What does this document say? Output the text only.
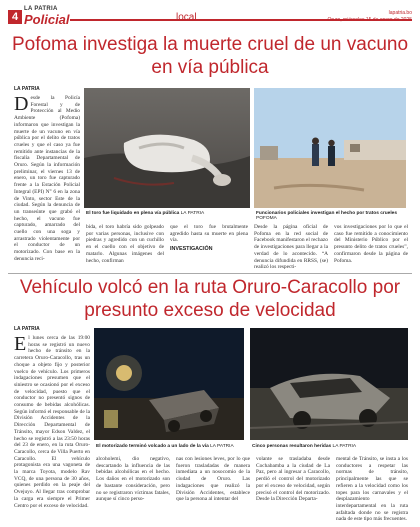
4
LA PATRIA
Policial	local	lapatria.bo
Oruro, miércoles 15 de enero de 2025
Pofoma investiga la muerte cruel de un vacuno en vía pública
LA PATRIA
D esde la Policía Forestal y de Protección al Medio Ambiente (Pofoma) informaron que investigan la muerte de un vacuno en vía pública por el delito de tratos crueles y que el caso ya fue remitido ante instancias de la fiscalía Departamental de Oruro. Según la información preliminar, el viernes 13 de enero, un toro fue capturado frente a la Estación Policial Integral (EPI) N° 6 en la zona de Vinto, sector Este de la ciudad. Según la denuncia de un transeúnte que grabó el hecho, el vacuno fue capturado, amarrado del cuello con una soga y arrastrado violentamente por el conductor de un motorizado. Con base en la denuncia reci-
El toro fue liquidado en plena vía pública LA PATRIA	Funcionarios policiales investigan el hecho por tratos crueles POFOMA
bida, el toro habría sido golpeado por varias personas, inclusive con piedras y agredido con un cuchillo en el cuello con el objetivo de matarlo. Algunas imágenes del hecho, confirman
que el toro fue brutalmente agredido hasta su muerte en plena vía.
INVESTIGACIÓN
Desde la página oficial de Pofoma en la red social de Facebook manifestaron el rechazo de investigaciones para llegar a la verdad de lo acontecido. “A denuncia difundida en RRSS, (se) realizó los respecti-
vos investigaciones por lo que el caso fue remitido a conocimiento del Ministerio Público por el presunto delito de tratos crueles”, confirmaron desde la página de Pofoma.
Vehículo volcó en la ruta Oruro-Caracollo por presunto exceso de velocidad
LA PATRIA
E l lunes cerca de las 19:00 horas se registró un nuevo hecho de tránsito en la carretera Oruro-Caracollo, tras un choque a objeto fijo y posterior vuelco de vehículo. Los primeros indagaciones presumen que el siniestro se ocasionó por el exceso de velocidad, puesto que el conductor no presentó signos de consumo de bebidas alcohólicas. Según informó el responsable de la División Accidentes de la Dirección Departamental de Tránsito, mayor Edson Valdez, el hecho se registró a las 23:50 horas del 23 de enero, en la ruta Oruro-Caracollo, cerca de Villa Puerto en Caracollo. El vehículo protagonista era una vagoneta de la marca Toyota, modelo Rav VCQ, de una persona de 30 años, quienes perdido en la peaje del Ovejuyo. Al llegar tras comprobar la carga era siempre el Primer Centro por el exceso de velocidad.
El motorizado terminó volcado a un lado de la vía LA PATRIA	Cinco personas resultaron heridas LA PATRIA
alcoholemi, dio negativo, descartando la influencia de las bebidas alcohólicas en el hecho. Los daños en el motorizado son de bastante consideración, pero no se registraron víctimas fatales, aunque sí cinco perso-
nas con lesiones leves, por lo que fueron trasladadas de manera inmediata a un nosocomio de la ciudad de Oruro. Las indagaciones que realizó la División Accidentes, establece que la persona al intentar del
volante se trasladaba desde Cochabamba a la ciudad de La Paz, pero al ingresar a Caracollo, perdió el control del motorizado por el exceso de velocidad, según precisó el control del motorizado. Desde la Dirección Departa-
mental de Tránsito, se insta a los conductores a respetar las normas de tránsito, principalmente las que se refieren a la velocidad como los topes para los carnavales y el desplazamiento interdepartamental en la ruta asfaltada donde no se registra nada de este tipo más frecuentes.
